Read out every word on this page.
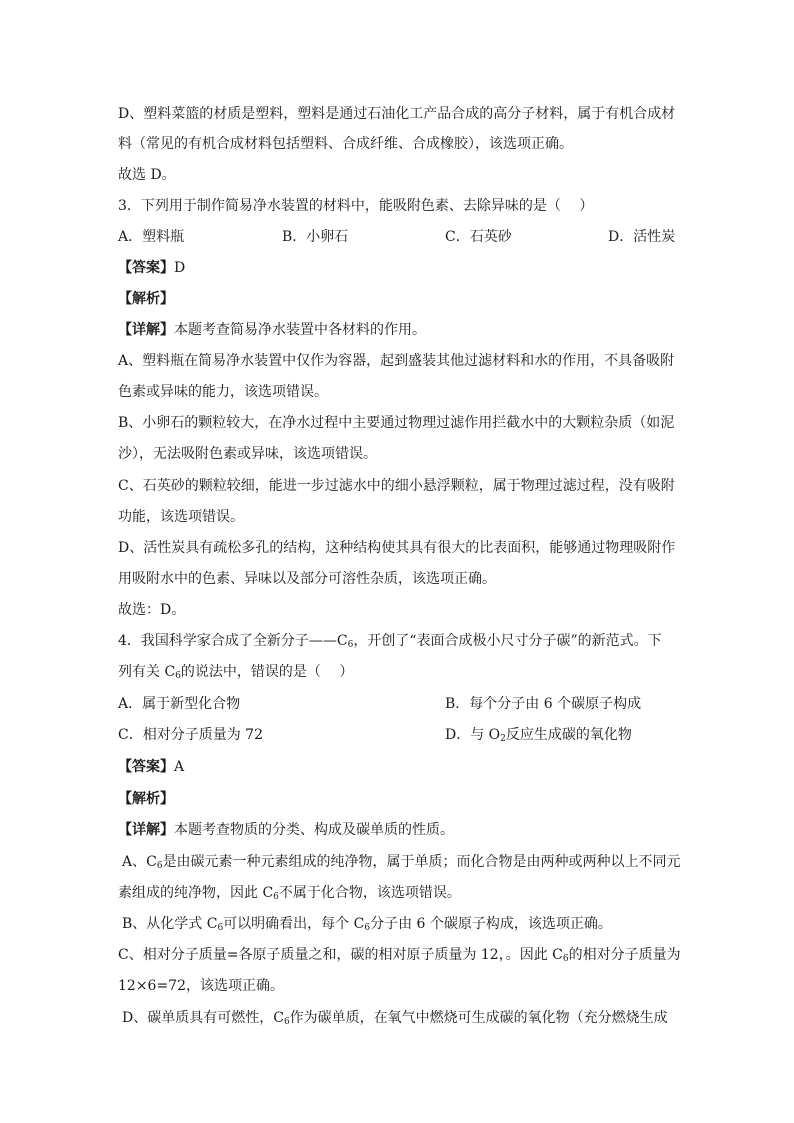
D、塑料菜篮的材质是塑料，塑料是通过石油化工产品合成的高分子材料，属于有机合成材
料（常见的有机合成材料包括塑料、合成纤维、合成橡胶），该选项正确。
故选 D。
3．下列用于制作简易净水装置的材料中，能吸附色素、去除异味的是（　 ）
A．塑料瓶	B．小卵石	C．石英砂	D．活性炭
【答案】D
【解析】
【详解】本题考查简易净水装置中各材料的作用。
A、塑料瓶在简易净水装置中仅作为容器，起到盛装其他过滤材料和水的作用，不具备吸附
色素或异味的能力，该选项错误。
B、小卵石的颗粒较大，在净水过程中主要通过物理过滤作用拦截水中的大颗粒杂质（如泥
沙），无法吸附色素或异味，该选项错误。
C、石英砂的颗粒较细，能进一步过滤水中的细小悬浮颗粒，属于物理过滤过程，没有吸附
功能，该选项错误。
D、活性炭具有疏松多孔的结构，这种结构使其具有很大的比表面积，能够通过物理吸附作
用吸附水中的色素、异味以及部分可溶性杂质，该选项正确。
故选：D。
4．我国科学家合成了全新分子$——C_6$，开创了“表面合成极小尺寸分子碳”的新范式。下
列有关 $C_6$的说法中，错误的是（　 ）
A．属于新型化合物	B．每个分子由 6 个碳原子构成
C．相对分子质量为 72	D．与 $O_2$反应生成碳的氧化物
【答案】A
【解析】
【详解】本题考查物质的分类、构成及碳单质的性质。
A、$C_6$是由碳元素一种元素组成的纯净物，属于单质；而化合物是由两种或两种以上不同元
素组成的纯净物，因此 $C_6$不属于化合物，该选项错误。
B、从化学式 $C_6$可以明确看出，每个 $C_6$分子由 6 个碳原子构成，该选项正确。
C、相对分子质量=各原子质量之和，碳的相对原子质量为 12，。因此 $C_6$的相对分子质量为
12×6=72，该选项正确。
D、碳单质具有可燃性，$C_6$作为碳单质，在氧气中燃烧可生成碳的氧化物（充分燃烧生成
